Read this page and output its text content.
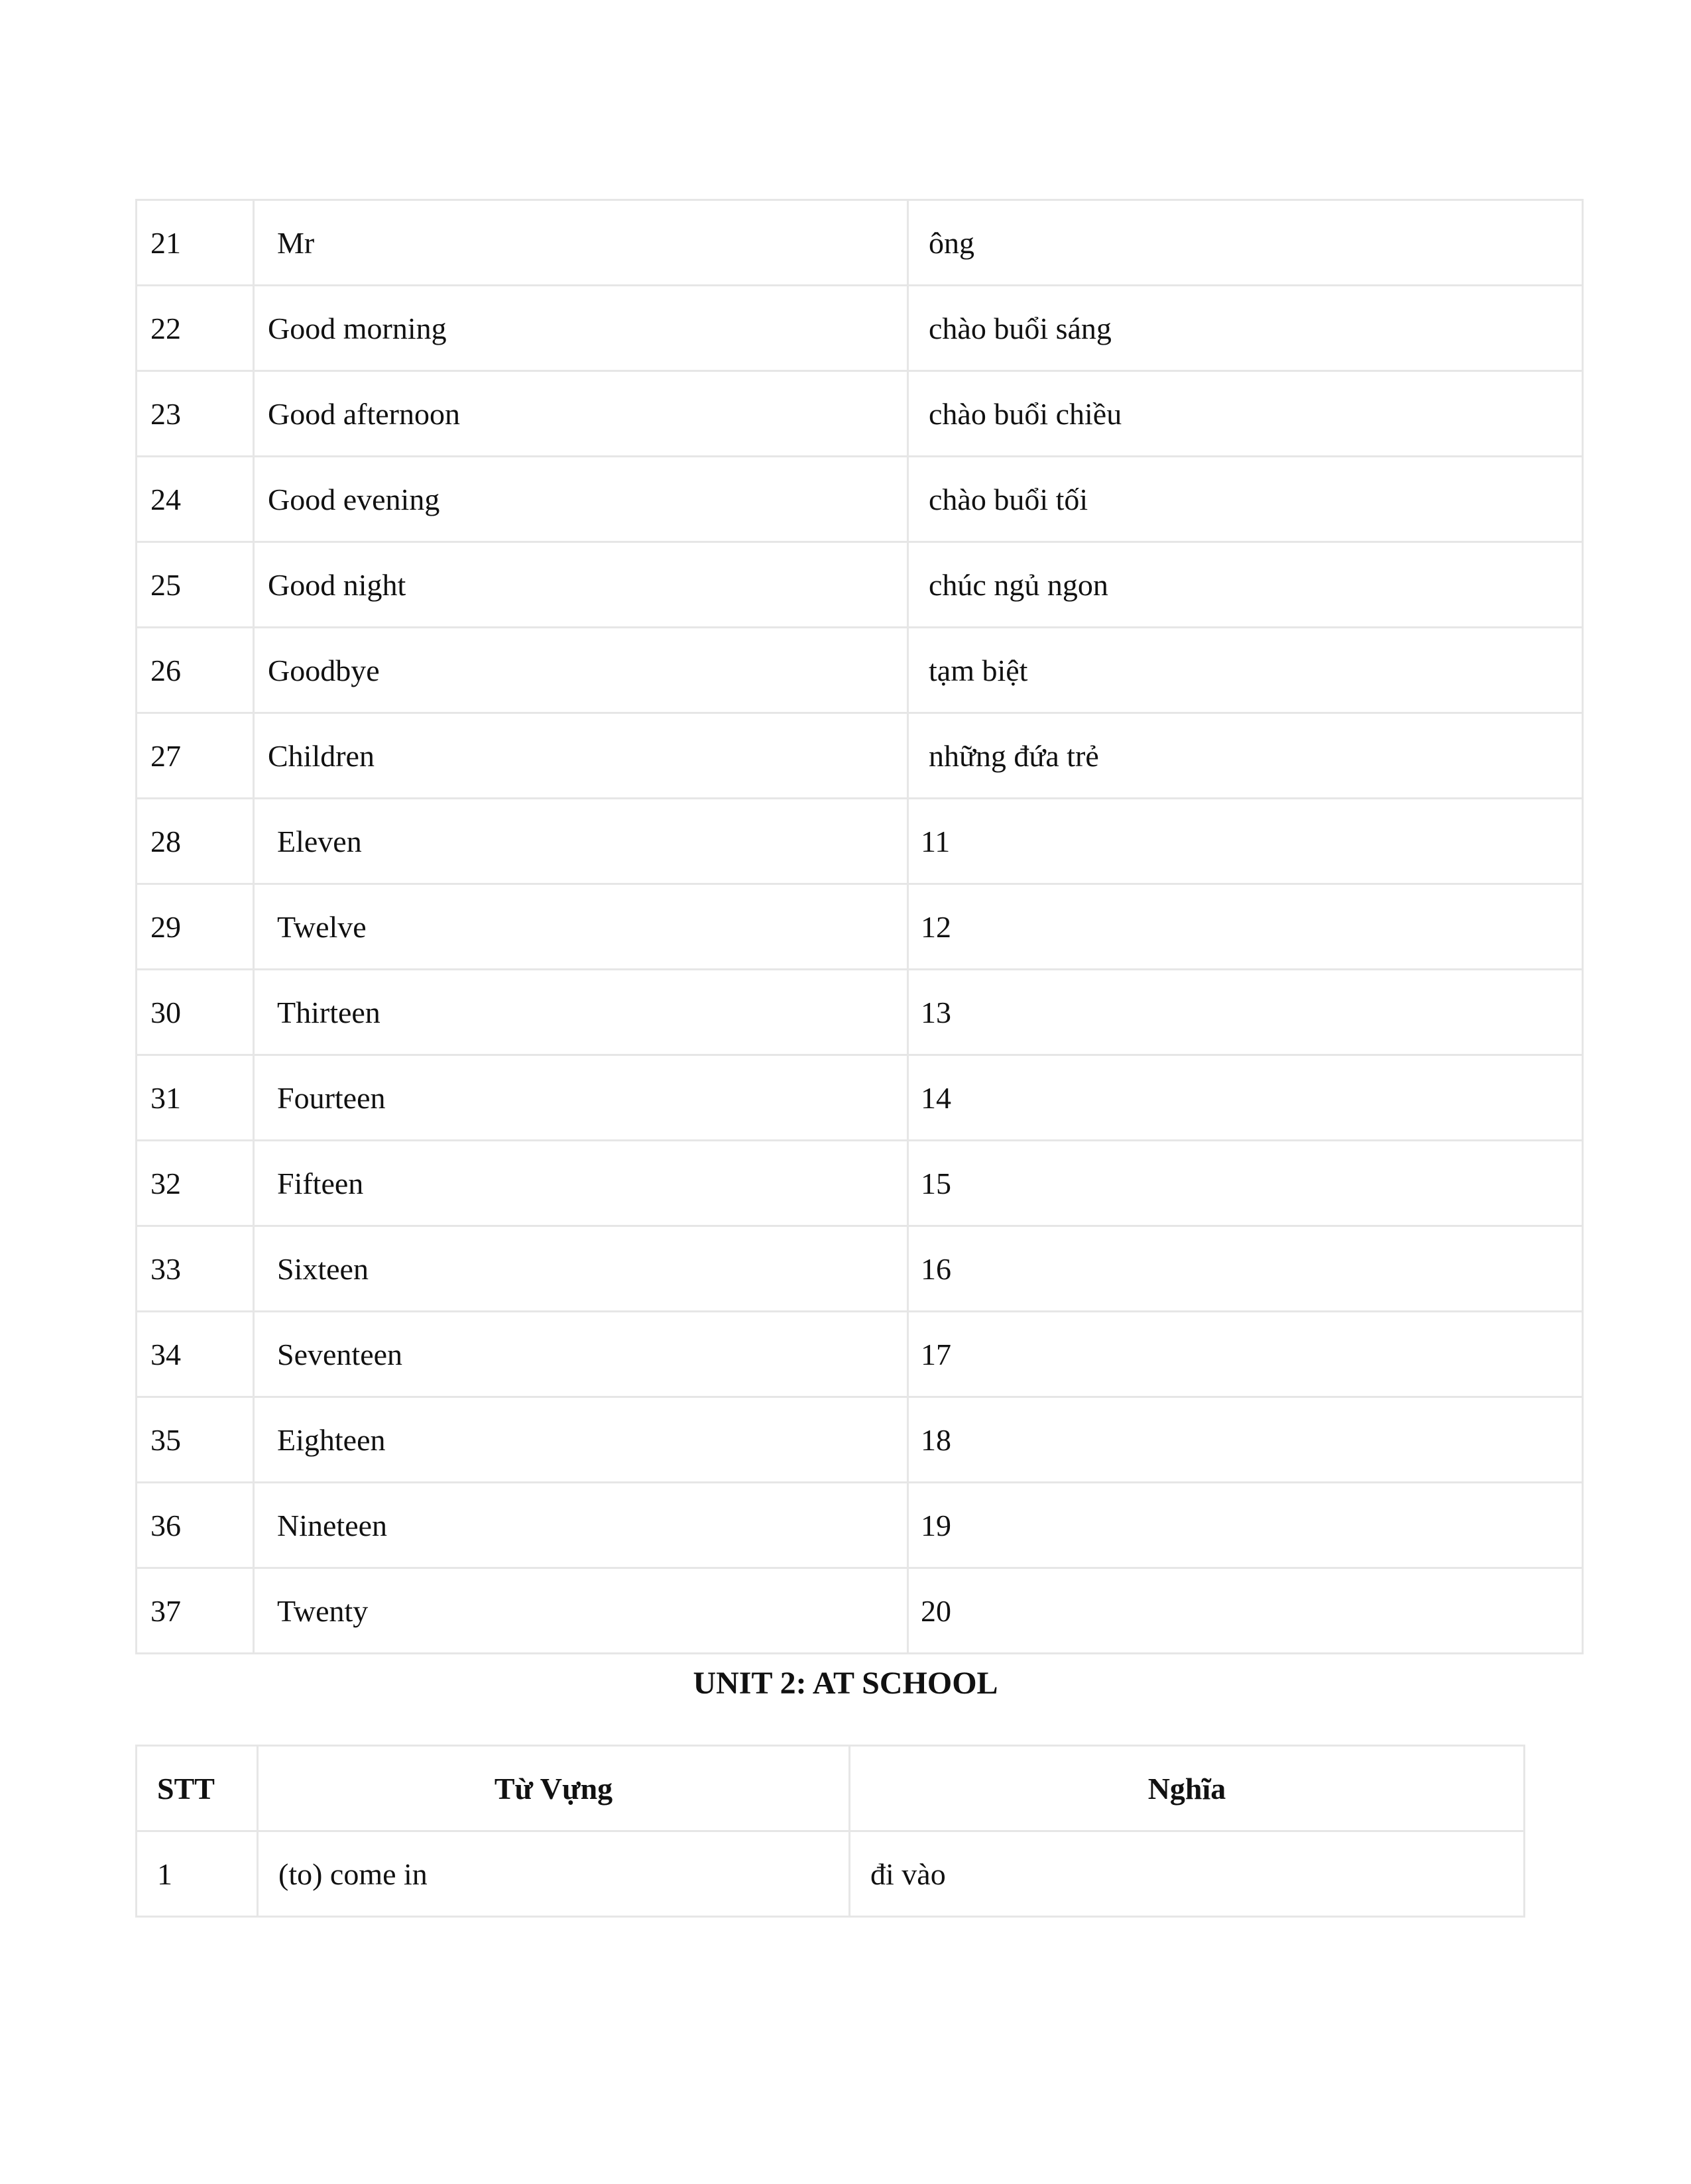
21	Mr	ông
22	Good morning	chào buổi sáng
23	Good afternoon	chào buổi chiều
24	Good evening	chào buổi tối
25	Good night	chúc ngủ ngon
26	Goodbye	tạm biệt
27	Children	những đứa trẻ
28	Eleven	11
29	Twelve	12
30	Thirteen	13
31	Fourteen	14
32	Fifteen	15
33	Sixteen	16
34	Seventeen	17
35	Eighteen	18
36	Nineteen	19
37	Twenty	20
UNIT 2: AT SCHOOL
STT	Từ Vựng	Nghĩa
1	(to) come in	đi vào
